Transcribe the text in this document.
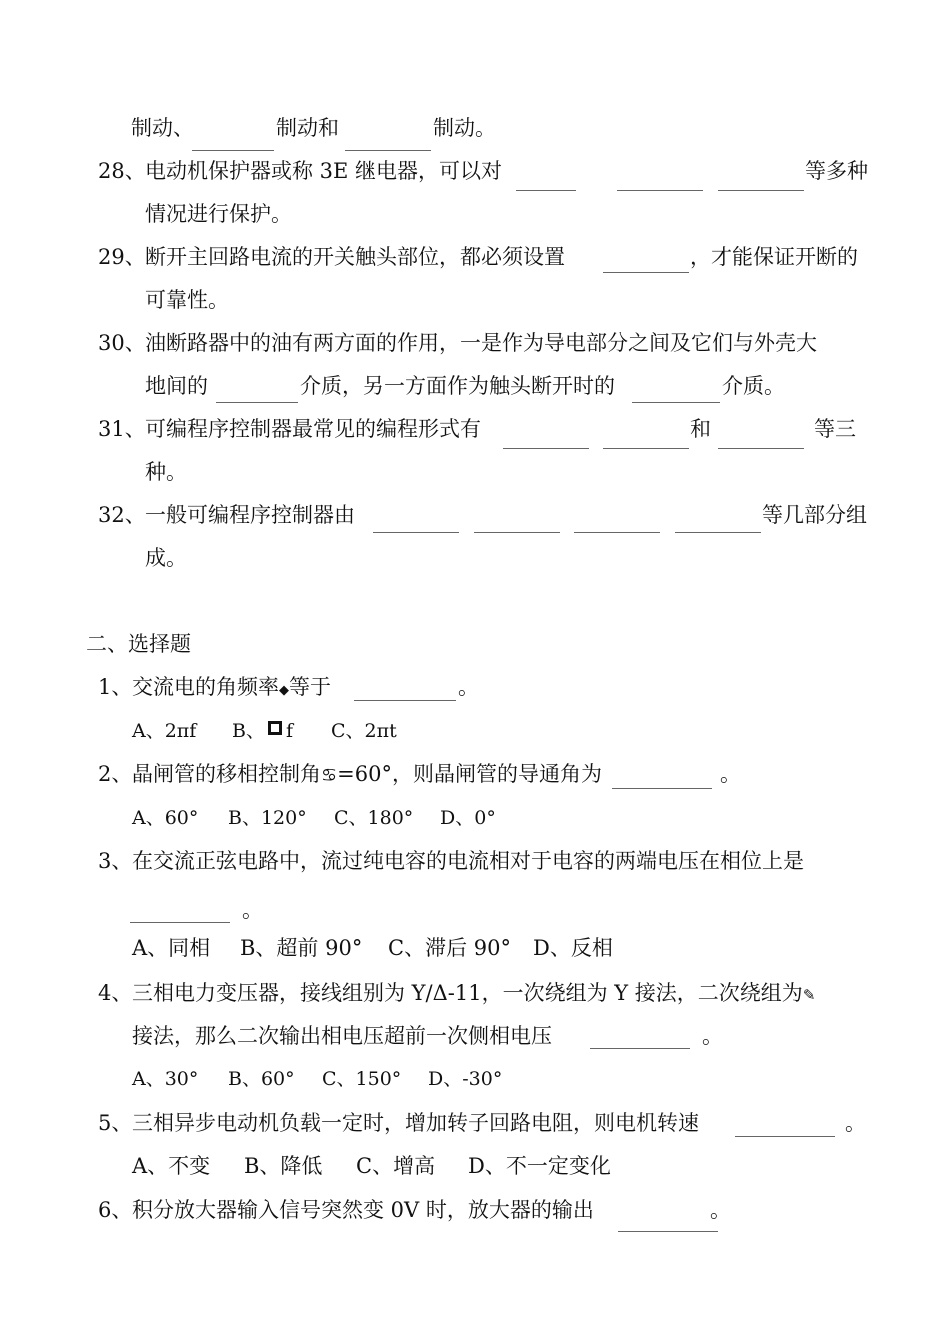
制动、	制动和	制动。
28、 电动机保护器或称 3E 继电器，可以对	等多种
情况进行保护。
29、 断开主回路电流的开关触头部位，都必须设置	，才能保证开断的
可靠性。
30、 油断路器中的油有两方面的作用，一是作为导电部分之间及它们与外壳大
地间的	介质，另一方面作为触头断开时的	介质。
31、 可编程序控制器最常见的编程形式有	和	等三
种。
32、 一般可编程序控制器由	等几部分组
成。
二、选择题
1、 交流电的角频率◆等于	。
A、2πf B、 f C、2πt
2、 晶闸管的移相控制角♋=60°，则晶闸管的导通角为	。
A、60° B、120° C、180° D、0°
3、 在交流正弦电路中，流过纯电容的电流相对于电容的两端电压在相位上是
。
A、同相 B、超前 90° C、滞后 90° D、反相
4、 三相电力变压器，接线组别为 Y/Δ-11，一次绕组为 Y 接法，二次绕组为✎
接法，那么二次输出相电压超前一次侧相电压	。
A、30° B、60° C、150° D、-30°
5、 三相异步电动机负载一定时，增加转子回路电阻，则电机转速	。
A、不变 B、降低 C、增高 D、不一定变化
6、 积分放大器输入信号突然变 0V 时，放大器的输出	。
